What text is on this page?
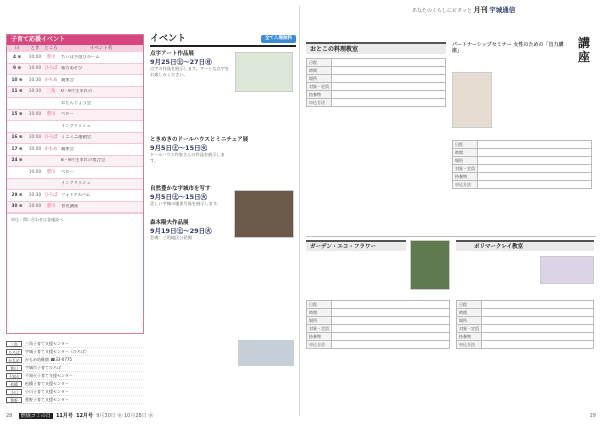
あなたのくらしにピタッと 月刊 宇城通信
子育て応援イベント
日	とき	ところ	イベント名
4 ⊗	10:00	豊川	ちぃぽ手遊びルーム
9 ⊗	10:00 ひろば 報告あそび
10 ⊗	10:30 かもめ 親体会
11 ⊗	10:30	三角	0・9月生まれの
おたんじょう会
15 ⊗	10:00	豊川	ベビー
イングリッシュ
16 ⊗	10:00 ひろば ミニミニ運動会
17 ⊗	10:00 かもめ 親体会
24 ⊗	8・9月生まれの集合会
10:00	豊川	ベビー
イングリッシュ
29 ⊗	10:30 ひろば フォトアルバム
30 ⊗	10:00	豊川	育児講座
申込・問い合わせは各施設へ
三角	三角子育て支援センター
ひろば	宇城子育て支援センター（ひろば）
かもめ	かもめ幼稚園 ☎33-0775
豊川	宇城市子育てひろば
不知火	不知火子育て支援センター
松橋	松橋子育て支援センター
小川	小川子育て支援センター
豊野	豊野子育て支援センター
イベント	全て入場無料
点字アート作品展
9月25日㊏～27日㊊
点字の作品を展示します。アートな点字をお楽しみください。
ときめきのドールハウスとミニチュア展
9月5日㊏～15日㊋
ドールハウス作家さんの作品を展示します。
自然豊かな宇城市を写す
9月5日㊏～15日㊋
美しい宇城の風景写真を展示します。
森本陽夫作品展
9月19日㊏～29日㊋
会場：三角地区公民館
講座
おとこの料理教室
日程	
時間	
場所	
対象・定員	
持参物	
申込方法	
パートナーシップセミナー 女性のための「自力講座」
日程	
時間	
場所	
対象・定員	
持参物	
申込方法	
ガーデン・エコ・フラワー
日程	
時間	
場所	
対象・定員	
持参物	
申込方法	
ポリマークレイ教室
日程	
時間	
場所	
対象・定員	
持参物	
申込方法	
28 燃焼ゴミの日 11月号 12月号 9月30日 ㊌ 10月28日 ㊌	29
